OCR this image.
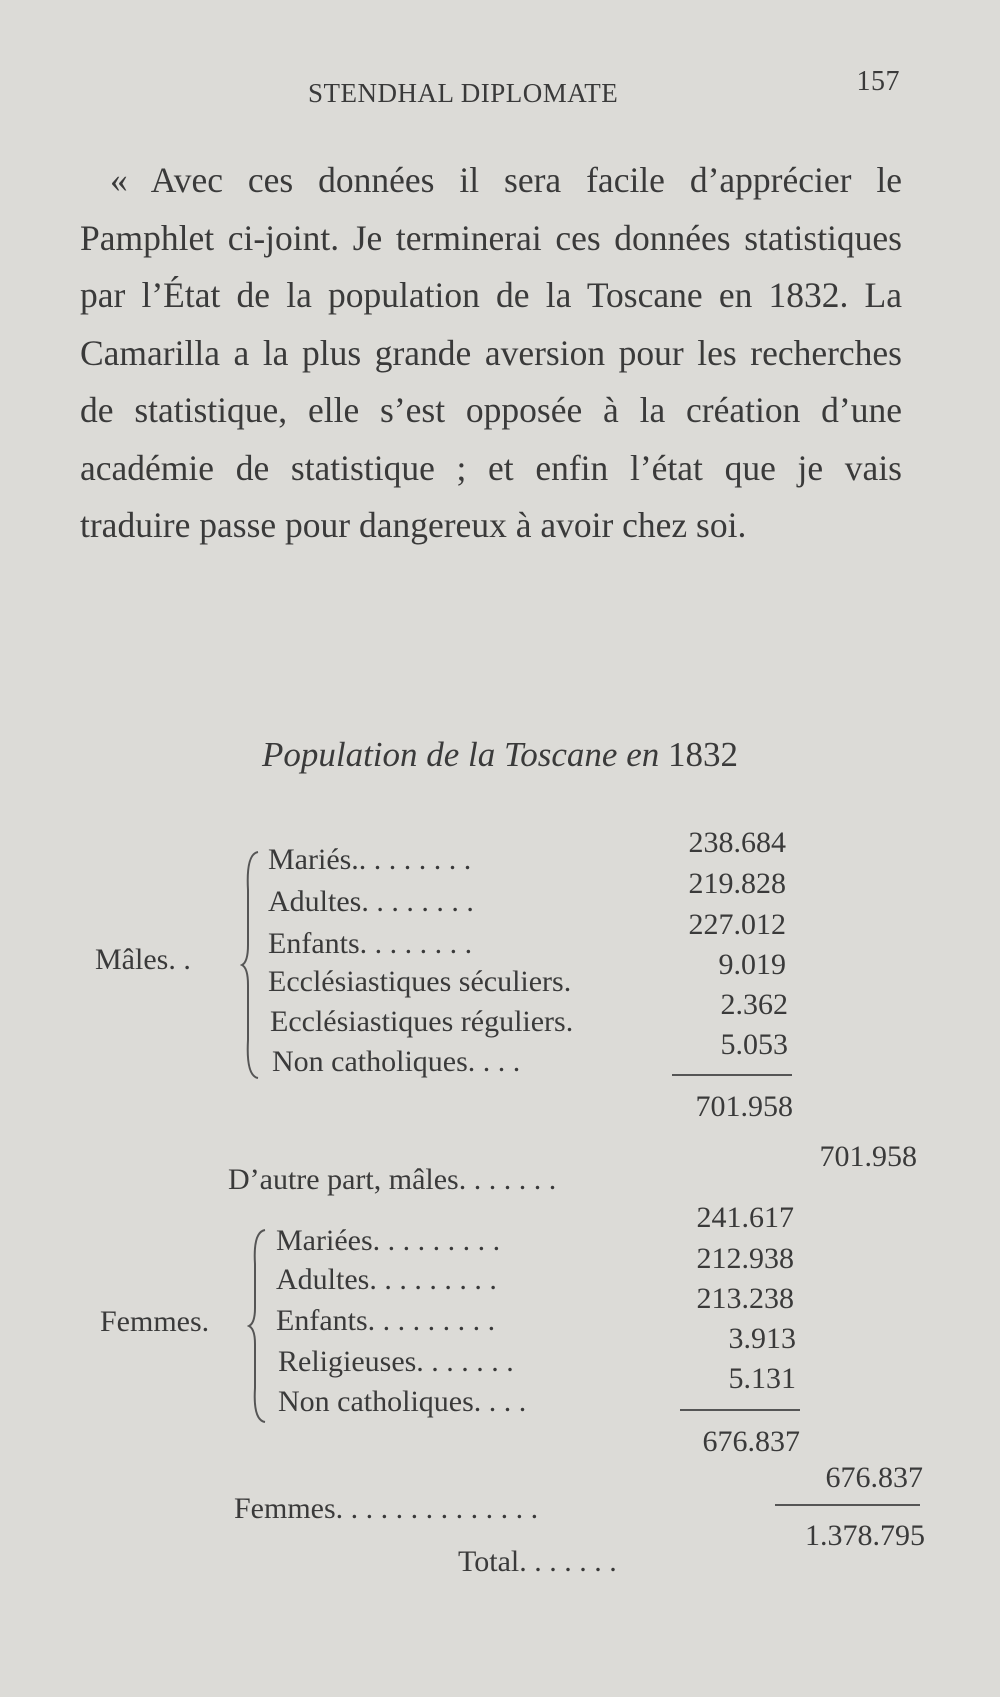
STENDHAL DIPLOMATE	157

« Avec ces données il sera facile d’apprécier le Pamphlet ci-joint. Je terminerai ces données statistiques par l’État de la population de la Toscane en 1832. La Camarilla a la plus grande aversion pour les recherches de statistique, elle s’est opposée à la création d’une académie de statistique ; et enfin l’état que je vais traduire passe pour dangereux à avoir chez soi.

Population de la Toscane en 1832
Mâles. .
Mariés.. . . . . . . .
238.684
Adultes. . . . . . . .
219.828
Enfants. . . . . . . .
227.012
Ecclésiastiques séculiers.
9.019
Ecclésiastiques réguliers.
2.362
Non catholiques. . . .
5.053
701.958
D’autre part, mâles. . . . . . .
701.958
Femmes.
Mariées. . . . . . . . .
241.617
Adultes. . . . . . . . .
212.938
Enfants. . . . . . . . .
213.238
Religieuses. . . . . . .
3.913
Non catholiques. . . .
5.131
676.837
Femmes. . . . . . . . . . . . . .
676.837
Total. . . . . . .
1.378.795
